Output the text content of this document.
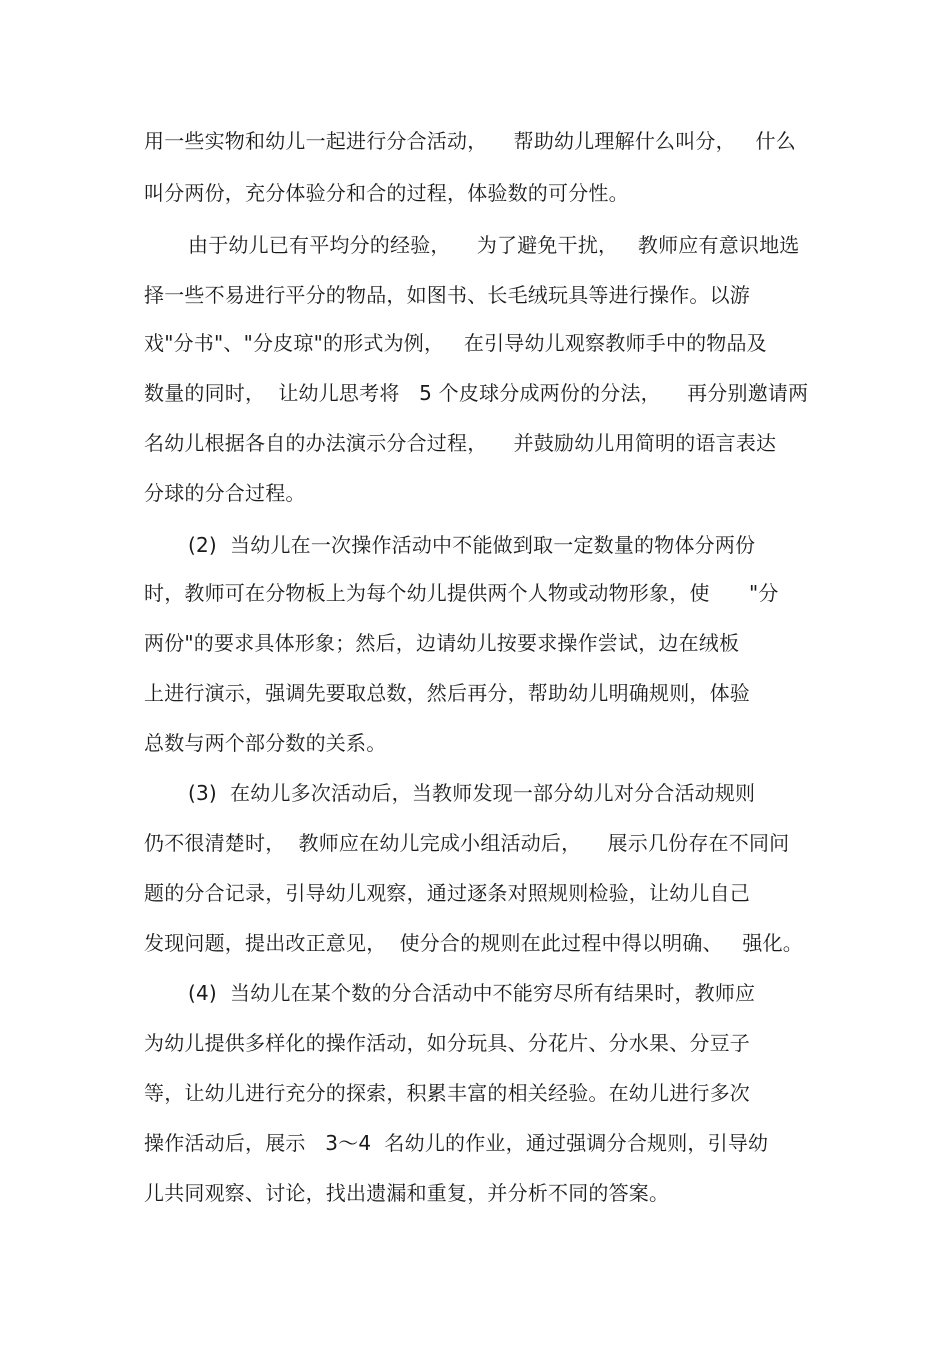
用一些实物和幼儿一起进行分合活动，    帮助幼儿理解什么叫分，   什么
叫分两份，充分体验分和合的过程，体验数的可分性。
由于幼儿已有平均分的经验，    为了避免干扰，   教师应有意识地选
择一些不易进行平分的物品，如图书、长毛绒玩具等进行操作。以游
戏"分书"、"分皮琼"的形式为例，   在引导幼儿观察教师手中的物品及
数量的同时，  让幼儿思考将   5 个皮球分成两份的分法，    再分别邀请两
名幼儿根据各自的办法演示分合过程，    并鼓励幼儿用简明的语言表达
分球的分合过程。
(2)  当幼儿在一次操作活动中不能做到取一定数量的物体分两份
时，教师可在分物板上为每个幼儿提供两个人物或动物形象，使      "分
两份"的要求具体形象；然后，边请幼儿按要求操作尝试，边在绒板
上进行演示，强调先要取总数，然后再分，帮助幼儿明确规则，体验
总数与两个部分数的关系。
(3)  在幼儿多次活动后，当教师发现一部分幼儿对分合活动规则
仍不很清楚时，  教师应在幼儿完成小组活动后，    展示几份存在不同问
题的分合记录，引导幼儿观察，通过逐条对照规则检验，让幼儿自己
发现问题，提出改正意见，  使分合的规则在此过程中得以明确、   强化。
(4)  当幼儿在某个数的分合活动中不能穷尽所有结果时，教师应
为幼儿提供多样化的操作活动，如分玩具、分花片、分水果、分豆子
等，让幼儿进行充分的探索，积累丰富的相关经验。在幼儿进行多次
操作活动后，展示   3～4  名幼儿的作业，通过强调分合规则，引导幼
儿共同观察、讨论，找出遗漏和重复，并分析不同的答案。
